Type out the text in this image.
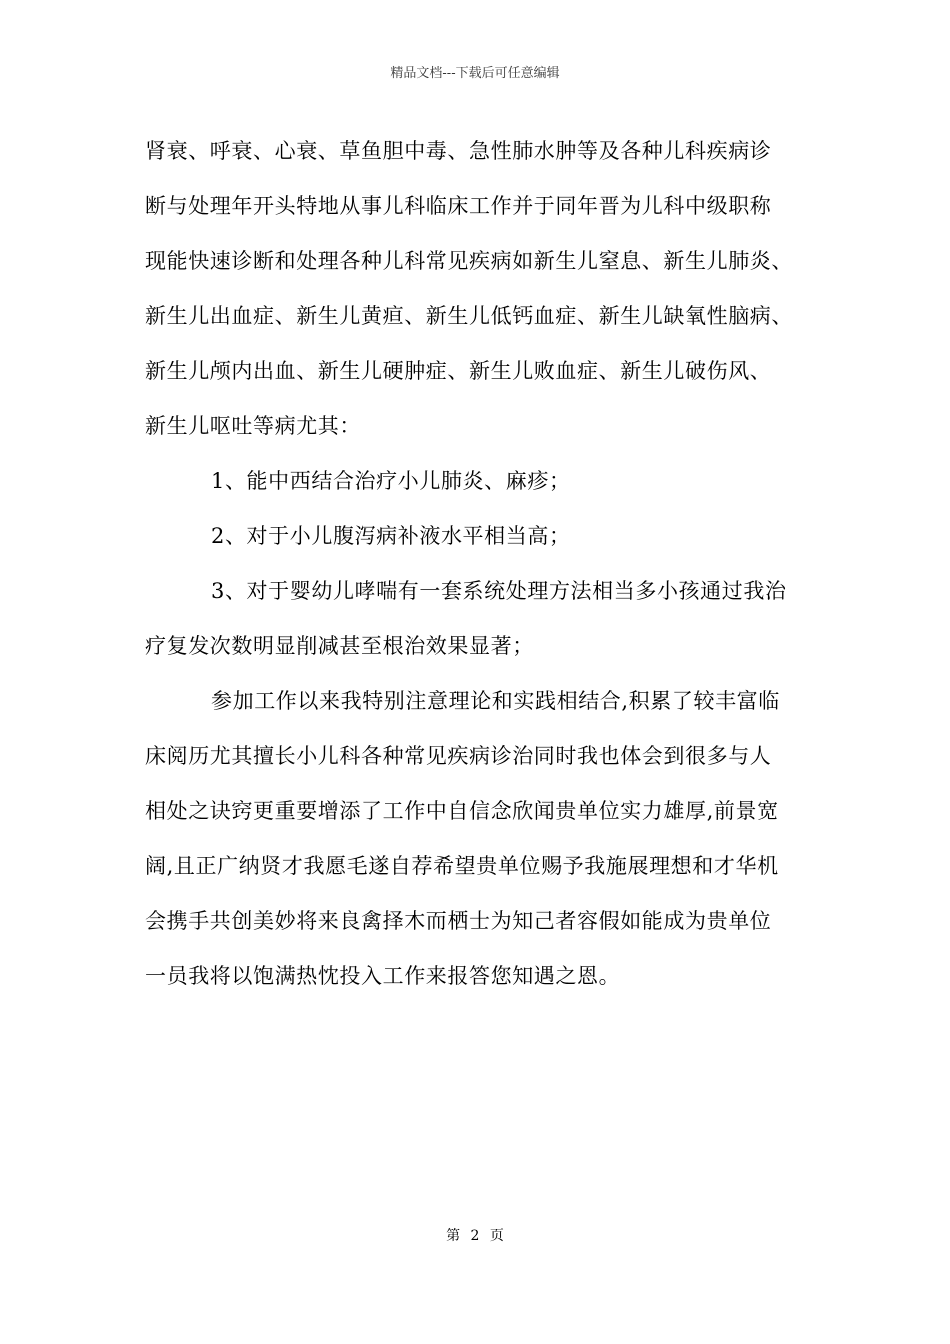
精品文档---下载后可任意编辑
肾衰、呼衰、心衰、草鱼胆中毒、急性肺水肿等及各种儿科疾病诊
断与处理年开头特地从事儿科临床工作并于同年晋为儿科中级职称
现能快速诊断和处理各种儿科常见疾病如新生儿窒息、新生儿肺炎、
新生儿出血症、新生儿黄疸、新生儿低钙血症、新生儿缺氧性脑病、
新生儿颅内出血、新生儿硬肿症、新生儿败血症、新生儿破伤风、
新生儿呕吐等病尤其：
1、能中西结合治疗小儿肺炎、麻疹；
2、对于小儿腹泻病补液水平相当高；
3、对于婴幼儿哮喘有一套系统处理方法相当多小孩通过我治
疗复发次数明显削减甚至根治效果显著；
参加工作以来我特别注意理论和实践相结合,积累了较丰富临
床阅历尤其擅长小儿科各种常见疾病诊治同时我也体会到很多与人
相处之诀窍更重要增添了工作中自信念欣闻贵单位实力雄厚,前景宽
阔,且正广纳贤才我愿毛遂自荐希望贵单位赐予我施展理想和才华机
会携手共创美妙将来良禽择木而栖士为知己者容假如能成为贵单位
一员我将以饱满热忱投入工作来报答您知遇之恩。
第 2 页
